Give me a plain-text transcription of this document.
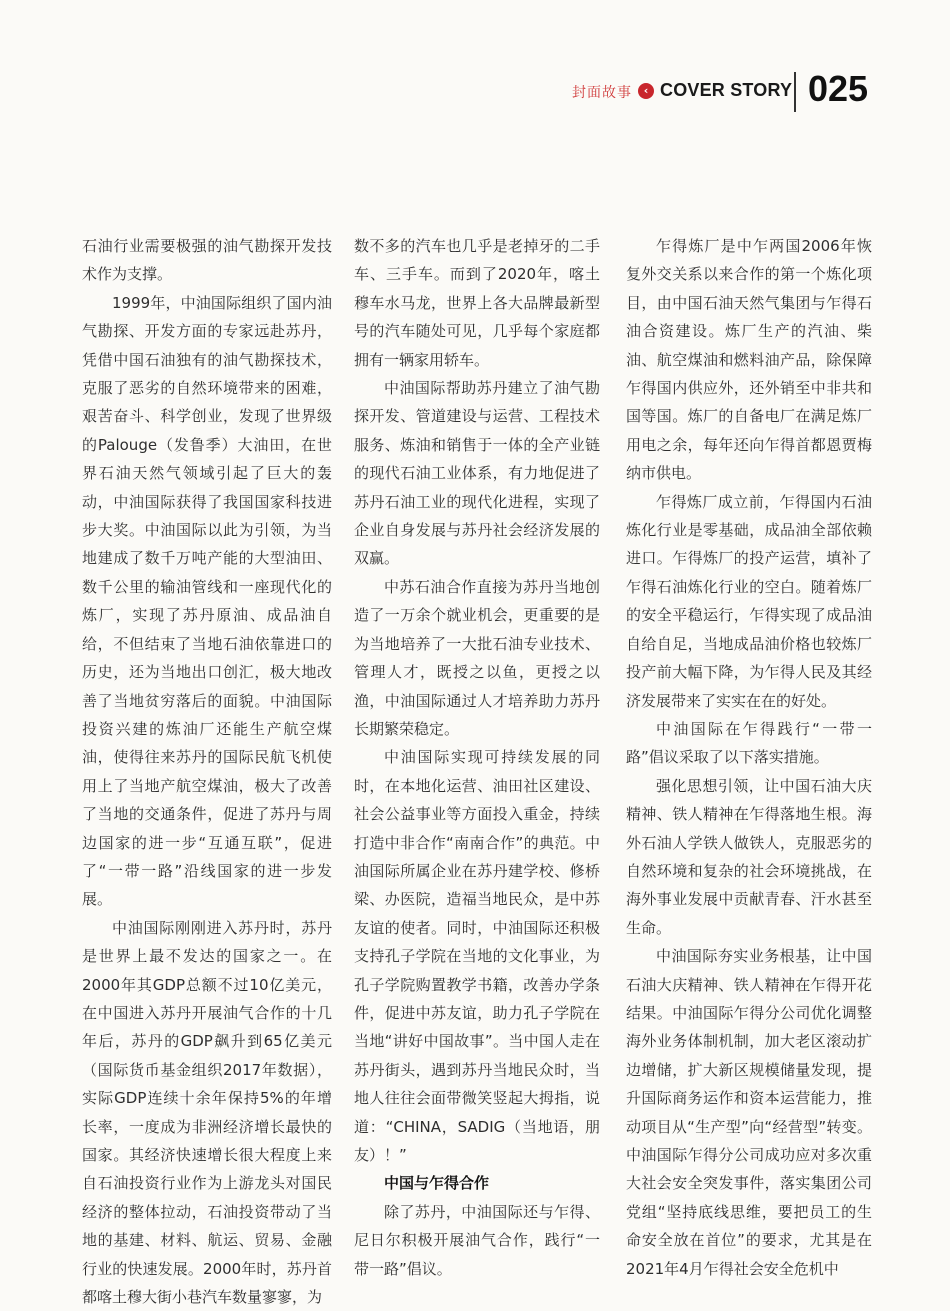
封面故事	‹ COVER STORY 025

石油行业需要极强的油气勘探开发技术作为支撑。

1999年，中油国际组织了国内油气勘探、开发方面的专家远赴苏丹，凭借中国石油独有的油气勘探技术，克服了恶劣的自然环境带来的困难，艰苦奋斗、科学创业，发现了世界级的Palouge（发鲁季）大油田，在世界石油天然气领域引起了巨大的轰动，中油国际获得了我国国家科技进步大奖。中油国际以此为引领，为当地建成了数千万吨产能的大型油田、数千公里的输油管线和一座现代化的炼厂，实现了苏丹原油、成品油自给，不但结束了当地石油依靠进口的历史，还为当地出口创汇，极大地改善了当地贫穷落后的面貌。中油国际投资兴建的炼油厂还能生产航空煤油，使得往来苏丹的国际民航飞机使用上了当地产航空煤油，极大了改善了当地的交通条件，促进了苏丹与周边国家的进一步“互通互联”，促进了“一带一路”沿线国家的进一步发展。

中油国际刚刚进入苏丹时，苏丹是世界上最不发达的国家之一。在2000年其GDP总额不过10亿美元，在中国进入苏丹开展油气合作的十几年后，苏丹的GDP飙升到65亿美元（国际货币基金组织2017年数据），实际GDP连续十余年保持5%的年增长率，一度成为非洲经济增长最快的国家。其经济快速增长很大程度上来自石油投资行业作为上游龙头对国民经济的整体拉动，石油投资带动了当地的基建、材料、航运、贸易、金融行业的快速发展。2000年时，苏丹首都喀土穆大街小巷汽车数量寥寥，为

数不多的汽车也几乎是老掉牙的二手车、三手车。而到了2020年，喀土穆车水马龙，世界上各大品牌最新型号的汽车随处可见，几乎每个家庭都拥有一辆家用轿车。

中油国际帮助苏丹建立了油气勘探开发、管道建设与运营、工程技术服务、炼油和销售于一体的全产业链的现代石油工业体系，有力地促进了苏丹石油工业的现代化进程，实现了企业自身发展与苏丹社会经济发展的双赢。

中苏石油合作直接为苏丹当地创造了一万余个就业机会，更重要的是为当地培养了一大批石油专业技术、管理人才，既授之以鱼，更授之以渔，中油国际通过人才培养助力苏丹长期繁荣稳定。

中油国际实现可持续发展的同时，在本地化运营、油田社区建设、社会公益事业等方面投入重金，持续打造中非合作“南南合作”的典范。中油国际所属企业在苏丹建学校、修桥梁、办医院，造福当地民众，是中苏友谊的使者。同时，中油国际还积极支持孔子学院在当地的文化事业，为孔子学院购置教学书籍，改善办学条件，促进中苏友谊，助力孔子学院在当地“讲好中国故事”。当中国人走在苏丹街头，遇到苏丹当地民众时，当地人往往会面带微笑竖起大拇指，说道：“CHINA，SADIG（当地语，朋友）！”

中国与乍得合作

除了苏丹，中油国际还与乍得、尼日尔积极开展油气合作，践行“一带一路”倡议。

乍得炼厂是中乍两国2006年恢复外交关系以来合作的第一个炼化项目，由中国石油天然气集团与乍得石油合资建设。炼厂生产的汽油、柴油、航空煤油和燃料油产品，除保障乍得国内供应外，还外销至中非共和国等国。炼厂的自备电厂在满足炼厂用电之余，每年还向乍得首都恩贾梅纳市供电。

乍得炼厂成立前，乍得国内石油炼化行业是零基础，成品油全部依赖进口。乍得炼厂的投产运营，填补了乍得石油炼化行业的空白。随着炼厂的安全平稳运行，乍得实现了成品油自给自足，当地成品油价格也较炼厂投产前大幅下降，为乍得人民及其经济发展带来了实实在在的好处。

中油国际在乍得践行“一带一路”倡议采取了以下落实措施。

强化思想引领，让中国石油大庆精神、铁人精神在乍得落地生根。海外石油人学铁人做铁人，克服恶劣的自然环境和复杂的社会环境挑战，在海外事业发展中贡献青春、汗水甚至生命。

中油国际夯实业务根基，让中国石油大庆精神、铁人精神在乍得开花结果。中油国际乍得分公司优化调整海外业务体制机制，加大老区滚动扩边增储，扩大新区规模储量发现，提升国际商务运作和资本运营能力，推动项目从“生产型”向“经营型”转变。中油国际乍得分公司成功应对多次重大社会安全突发事件，落实集团公司党组“坚持底线思维，要把员工的生命安全放在首位”的要求，尤其是在2021年4月乍得社会安全危机中
